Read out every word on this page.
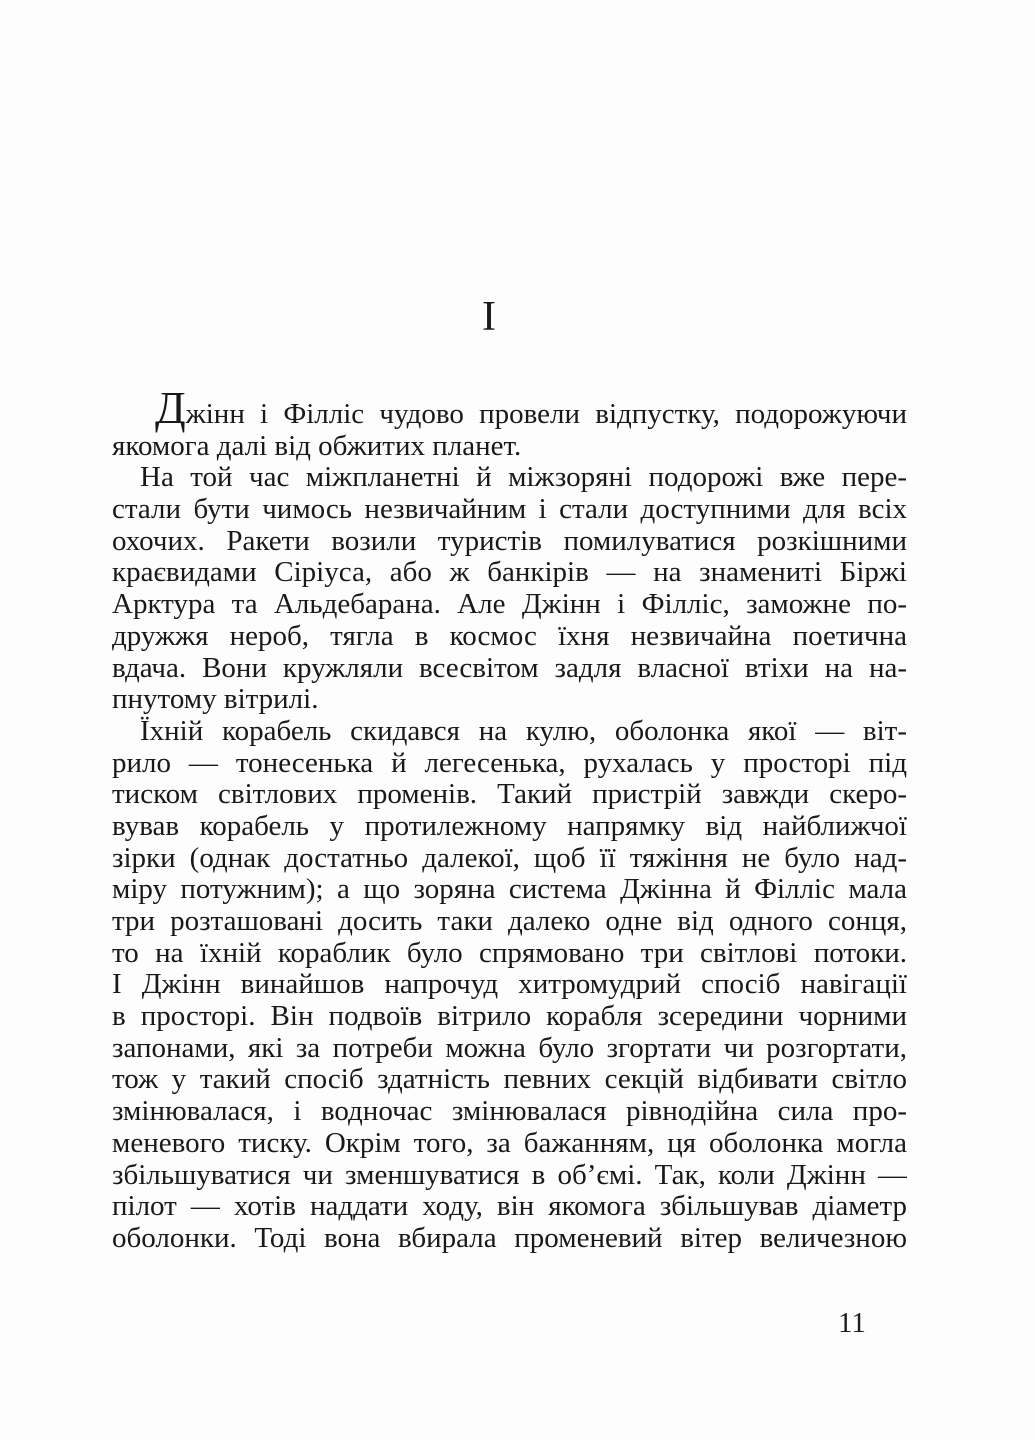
I
Джінн і Філліс чудово провели відпустку, подорожуючи
якомога далі від обжитих планет.
На той час міжпланетні й міжзоряні подорожі вже пере-
стали бути чимось незвичайним і стали доступними для всіх
охочих. Ракети возили туристів помилуватися розкішними
краєвидами Сіріуса, або ж банкірів — на знамениті Біржі
Арктура та Альдебарана. Але Джінн і Філліс, заможне по-
дружжя нероб, тягла в космос їхня незвичайна поетична
вдача. Вони кружляли всесвітом задля власної втіхи на на-
пнутому вітрилі.
Їхній корабель скидався на кулю, оболонка якої — віт-
рило — тонесенька й легесенька, рухалась у просторі під
тиском світлових променів. Такий пристрій завжди скеро-
вував корабель у протилежному напрямку від найближчої
зірки (однак достатньо далекої, щоб її тяжіння не було над-
міру потужним); а що зоряна система Джінна й Філліс мала
три розташовані досить таки далеко одне від одного сонця,
то на їхній кораблик було спрямовано три світлові потоки.
І Джінн винайшов напрочуд хитромудрий спосіб навігації
в просторі. Він подвоїв вітрило корабля зсередини чорними
запонами, які за потреби можна було згортати чи розгортати,
тож у такий спосіб здатність певних секцій відбивати світло
змінювалася, і водночас змінювалася рівнодійна сила про-
меневого тиску. Окрім того, за бажанням, ця оболонка могла
збільшуватися чи зменшуватися в об’ємі. Так, коли Джінн —
пілот — хотів наддати ходу, він якомога збільшував діаметр
оболонки. Тоді вона вбирала променевий вітер величезною
11
